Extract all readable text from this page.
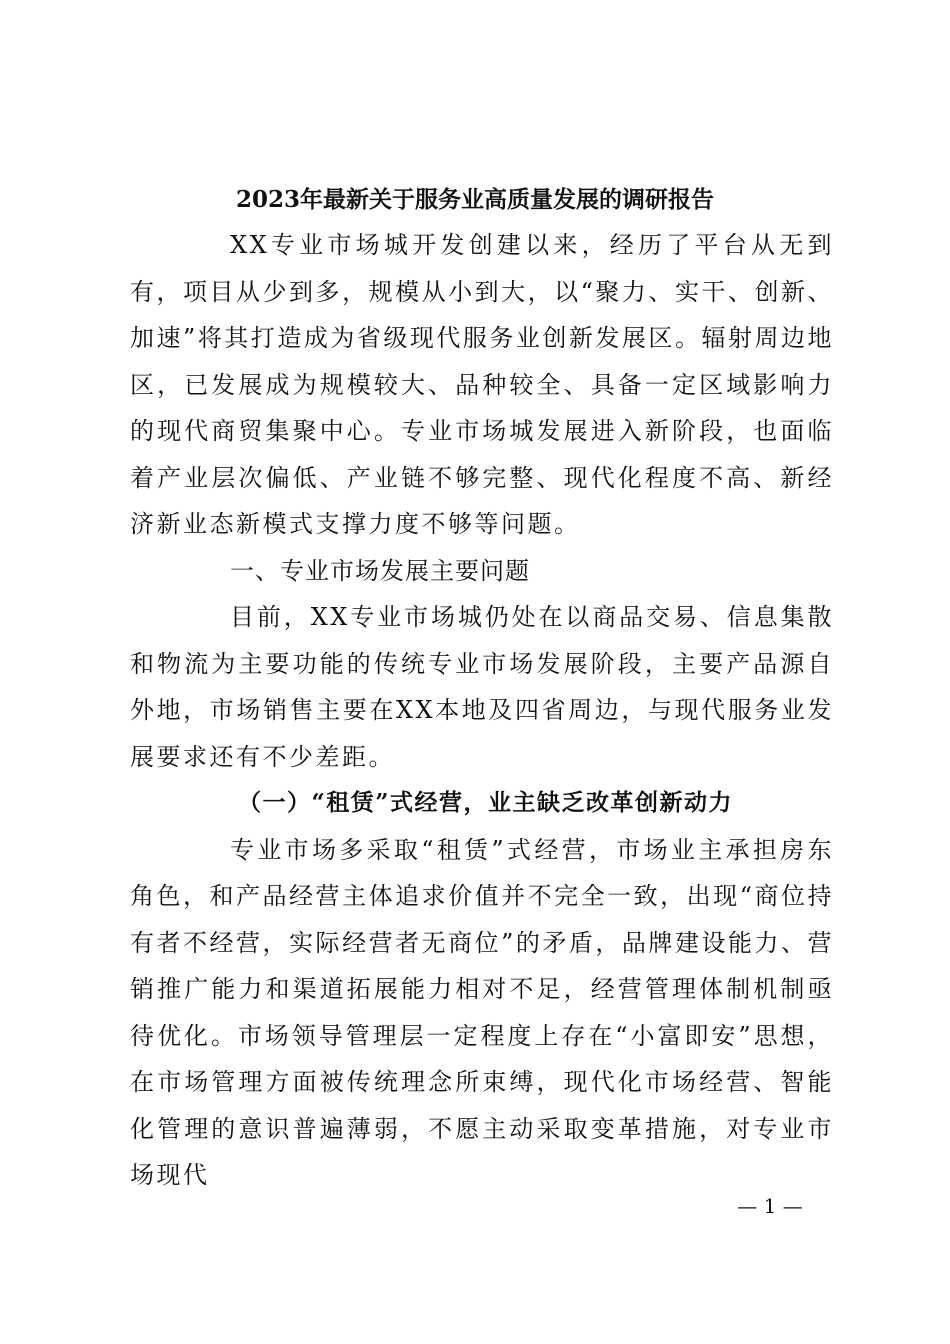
2023年最新关于服务业高质量发展的调研报告

XX专业市场城开发创建以来，经历了平台从无到有，项目从少到多，规模从小到大，以“聚力、实干、创新、加速”将其打造成为省级现代服务业创新发展区。辐射周边地区，已发展成为规模较大、品种较全、具备一定区域影响力的现代商贸集聚中心。专业市场城发展进入新阶段，也面临着产业层次偏低、产业链不够完整、现代化程度不高、新经济新业态新模式支撑力度不够等问题。

一、专业市场发展主要问题

目前，XX专业市场城仍处在以商品交易、信息集散和物流为主要功能的传统专业市场发展阶段，主要产品源自外地，市场销售主要在XX本地及四省周边，与现代服务业发展要求还有不少差距。

（一）“租赁”式经营，业主缺乏改革创新动力

专业市场多采取“租赁”式经营，市场业主承担房东角色，和产品经营主体追求价值并不完全一致，出现“商位持有者不经营，实际经营者无商位”的矛盾，品牌建设能力、营销推广能力和渠道拓展能力相对不足，经营管理体制机制亟待优化。市场领导管理层一定程度上存在“小富即安”思想，在市场管理方面被传统理念所束缚，现代化市场经营、智能化管理的意识普遍薄弱，不愿主动采取变革措施，对专业市场现代

— 1 —
